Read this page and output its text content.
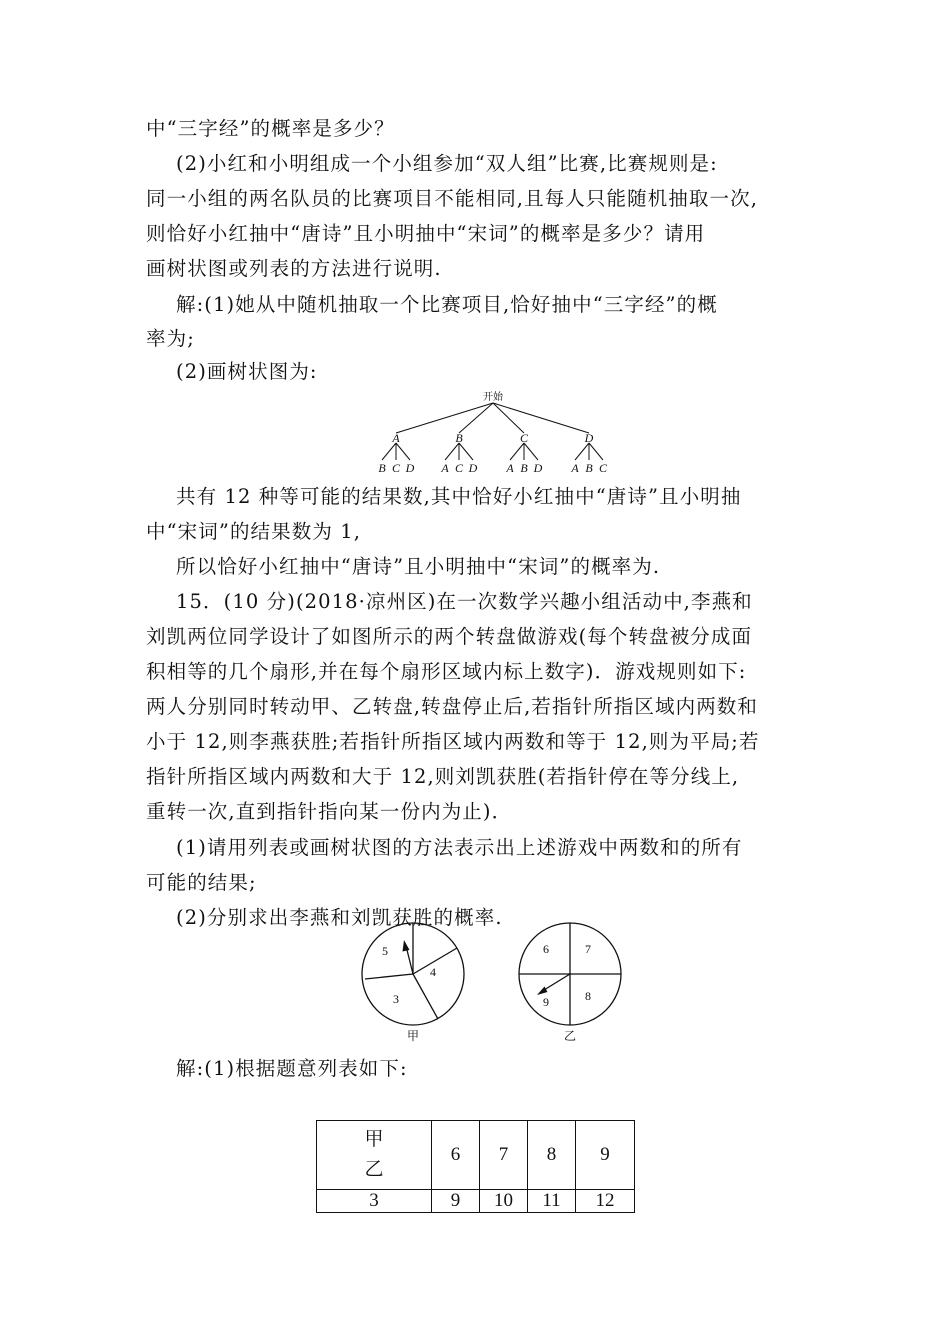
中“三字经”的概率是多少？
(2)小红和小明组成一个小组参加“双人组”比赛,比赛规则是:
同一小组的两名队员的比赛项目不能相同,且每人只能随机抽取一次,
则恰好小红抽中“唐诗”且小明抽中“宋词”的概率是多少？请用
画树状图或列表的方法进行说明.
解:(1)她从中随机抽取一个比赛项目,恰好抽中“三字经”的概
率为;
(2)画树状图为:
开始
A	B	C	D
B C D A C D A B D A B C
共有 12 种等可能的结果数,其中恰好小红抽中“唐诗”且小明抽
中“宋词”的结果数为 1,
所以恰好小红抽中“唐诗”且小明抽中“宋词”的概率为.
15．(10 分)(2018·凉州区)在一次数学兴趣小组活动中,李燕和
刘凯两位同学设计了如图所示的两个转盘做游戏(每个转盘被分成面
积相等的几个扇形,并在每个扇形区域内标上数字)．游戏规则如下:
两人分别同时转动甲、乙转盘,转盘停止后,若指针所指区域内两数和
小于 12,则李燕获胜;若指针所指区域内两数和等于 12,则为平局;若
指针所指区域内两数和大于 12,则刘凯获胜(若指针停在等分线上,
重转一次,直到指针指向某一份内为止)．
(1)请用列表或画树状图的方法表示出上述游戏中两数和的所有
可能的结果;
(2)分别求出李燕和刘凯获胜的概率.
5
4
3
甲
6	7
9	8
乙
解:(1)根据题意列表如下:
甲
乙	6	7	8	9
3	9	10	11	12
